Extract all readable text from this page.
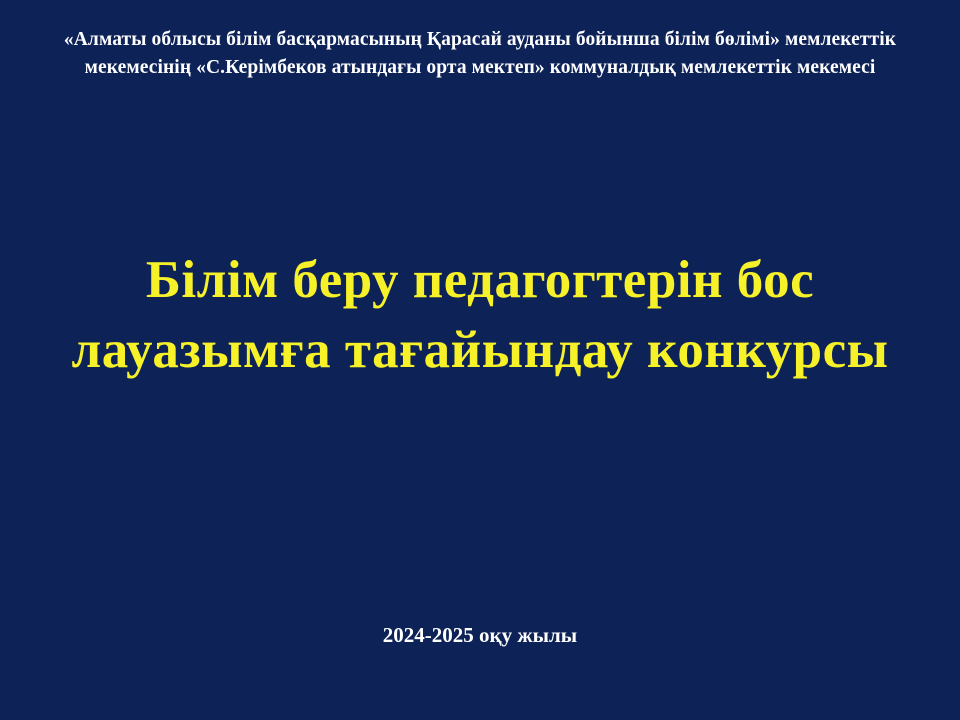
«Алматы облысы білім басқармасының Қарасай ауданы бойынша білім бөлімі» мемлекеттік мекемесінің «С.Керімбеков атындағы орта мектеп» коммуналдық мемлекеттік мекемесі
Білім беру педагогтерін бос лауазымға тағайындау конкурсы
2024-2025 оқу жылы
